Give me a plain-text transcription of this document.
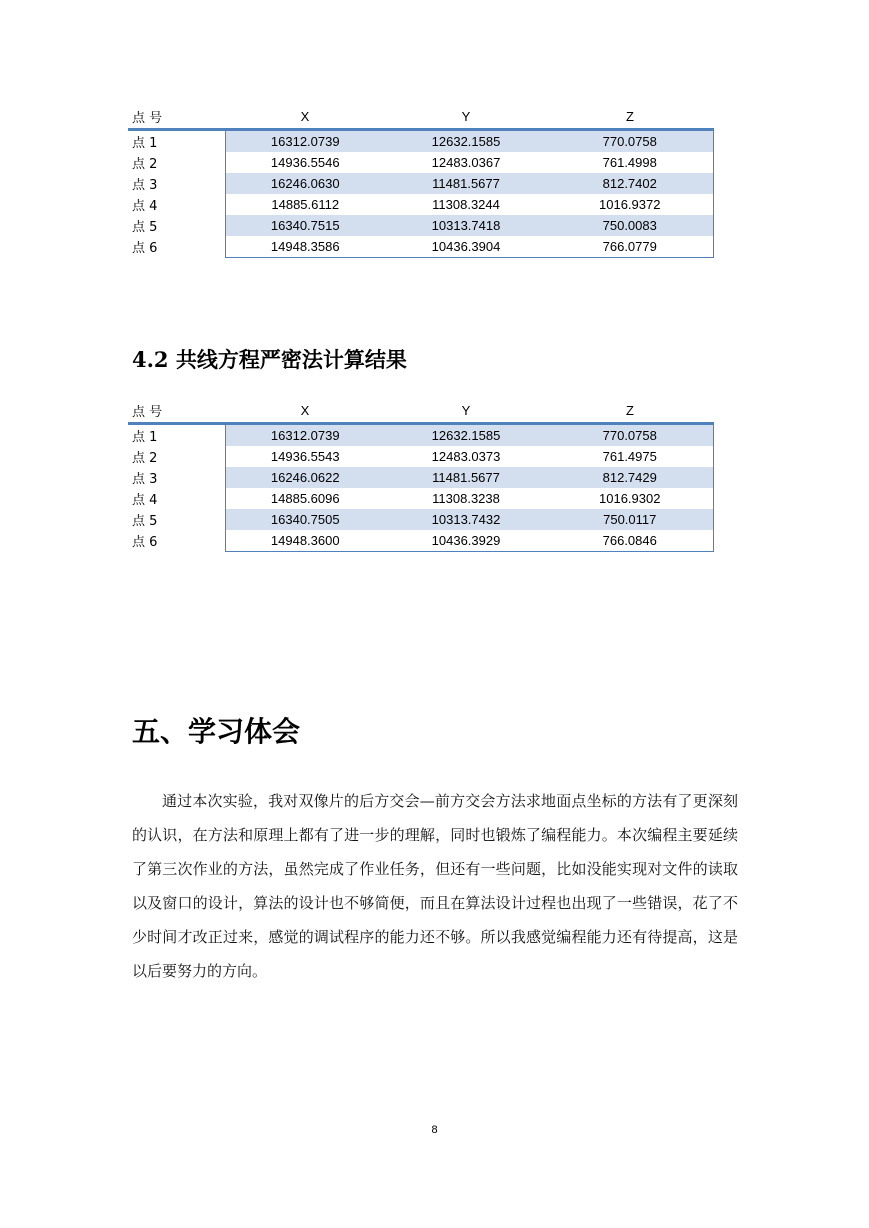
点 号	X	Y	Z
点 1	16312.0739	12632.1585	770.0758
点 2	14936.5546	12483.0367	761.4998
点 3	16246.0630	11481.5677	812.7402
点 4	14885.6112	11308.3244	1016.9372
点 5	16340.7515	10313.7418	750.0083
点 6	14948.3586	10436.3904	766.0779
4.2 共线方程严密法计算结果
点 号	X	Y	Z
点 1	16312.0739	12632.1585	770.0758
点 2	14936.5543	12483.0373	761.4975
点 3	16246.0622	11481.5677	812.7429
点 4	14885.6096	11308.3238	1016.9302
点 5	16340.7505	10313.7432	750.0117
点 6	14948.3600	10436.3929	766.0846
五、学习体会

通过本次实验，我对双像片的后方交会—前方交会方法求地面点坐标的方法有了更深刻的认识，在方法和原理上都有了进一步的理解，同时也锻炼了编程能力。本次编程主要延续了第三次作业的方法，虽然完成了作业任务，但还有一些问题，比如没能实现对文件的读取以及窗口的设计，算法的设计也不够简便，而且在算法设计过程也出现了一些错误，花了不少时间才改正过来，感觉的调试程序的能力还不够。所以我感觉编程能力还有待提高，这是以后要努力的方向。

8
